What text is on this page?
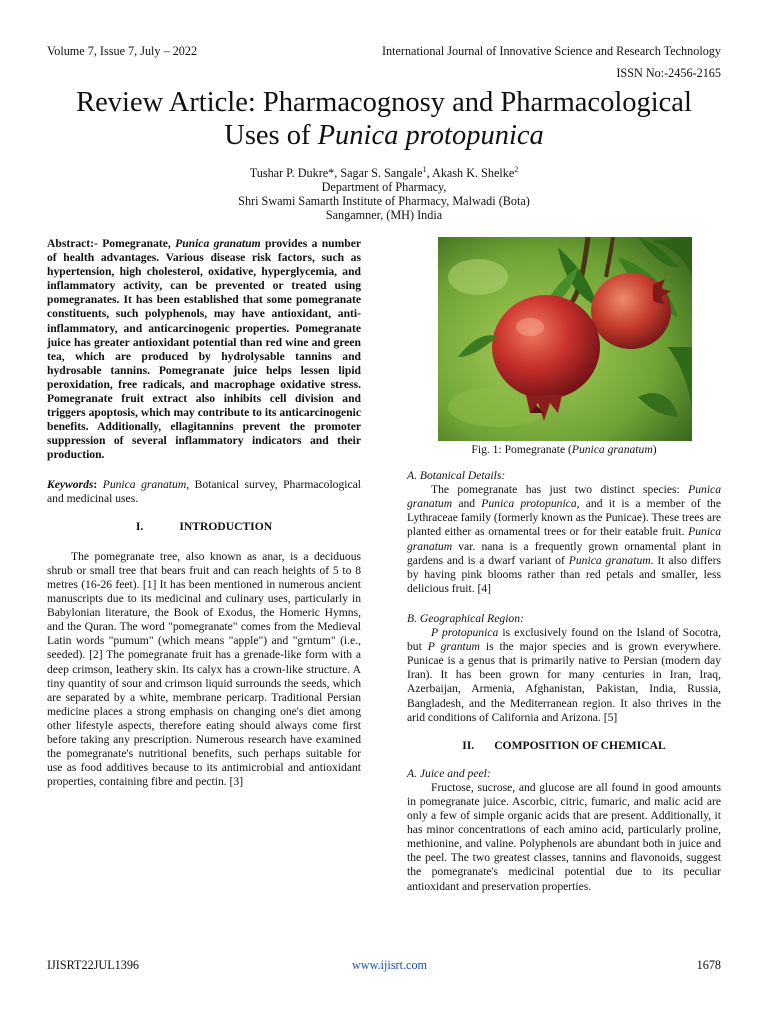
Volume 7, Issue 7, July – 2022	International Journal of Innovative Science and Research Technology
ISSN No:-2456-2165
Review Article: Pharmacognosy and Pharmacological
Uses of Punica protopunica
Tushar P. Dukre*, Sagar S. Sangale$^1$, Akash K. Shelke$^2$
Department of Pharmacy,
Shri Swami Samarth Institute of Pharmacy, Malwadi (Bota)
Sangamner, (MH) India

Abstract:- Pomegranate, Punica granatum provides a number of health advantages. Various disease risk factors, such as hypertension, high cholesterol, oxidative, hyperglycemia, and inflammatory activity, can be prevented or treated using pomegranates. It has been established that some pomegranate constituents, such polyphenols, may have antioxidant, anti-inflammatory, and anticarcinogenic properties. Pomegranate juice has greater antioxidant potential than red wine and green tea, which are produced by hydrolysable tannins and hydrosable tannins. Pomegranate juice helps lessen lipid peroxidation, free radicals, and macrophage oxidative stress. Pomegranate fruit extract also inhibits cell division and triggers apoptosis, which may contribute to its anticarcinogenic benefits. Additionally, ellagitannins prevent the promoter suppression of several inflammatory indicators and their production.

Keywords: Punica granatum, Botanical survey, Pharmacological and medicinal uses.

I.	INTRODUCTION

The pomegranate tree, also known as anar, is a deciduous shrub or small tree that bears fruit and can reach heights of 5 to 8 metres (16-26 feet). [1] It has been mentioned in numerous ancient manuscripts due to its medicinal and culinary uses, particularly in Babylonian literature, the Book of Exodus, the Homeric Hymns, and the Quran. The word "pomegranate" comes from the Medieval Latin words "pumum" (which means "apple") and "grntum" (i.e., seeded). [2] The pomegranate fruit has a grenade-like form with a deep crimson, leathery skin. Its calyx has a crown-like structure. A tiny quantity of sour and crimson liquid surrounds the seeds, which are separated by a white, membrane pericarp. Traditional Persian medicine places a strong emphasis on changing one's diet among other lifestyle aspects, therefore eating should always come first before taking any prescription. Numerous research have examined the pomegranate's nutritional benefits, such perhaps suitable for use as food additives because to its antimicrobial and antioxidant properties, containing fibre and pectin. [3]

Fig. 1: Pomegranate (Punica granatum)

A. Botanical Details:

The pomegranate has just two distinct species: Punica granatum and Punica protopunica, and it is a member of the Lythraceae family (formerly known as the Punicae). These trees are planted either as ornamental trees or for their eatable fruit. Punica granatum var. nana is a frequently grown ornamental plant in gardens and is a dwarf variant of Punica granatum. It also differs by having pink blooms rather than red petals and smaller, less delicious fruit. [4]

B. Geographical Region:

P protopunica is exclusively found on the Island of Socotra, but P grantum is the major species and is grown everywhere. Punicae is a genus that is primarily native to Persian (modern day Iran). It has been grown for many centuries in Iran, Iraq, Azerbaijan, Armenia, Afghanistan, Pakistan, India, Russia, Bangladesh, and the Mediterranean region. It also thrives in the arid conditions of California and Arizona. [5]

II. COMPOSITION OF CHEMICAL

A. Juice and peel:

Fructose, sucrose, and glucose are all found in good amounts in pomegranate juice. Ascorbic, citric, fumaric, and malic acid are only a few of simple organic acids that are present. Additionally, it has minor concentrations of each amino acid, particularly proline, methionine, and valine. Polyphenols are abundant both in juice and the peel. The two greatest classes, tannins and flavonoids, suggest the pomegranate's medicinal potential due to its peculiar antioxidant and preservation properties.

IJISRT22JUL1396	www.ijisrt.com	1678
